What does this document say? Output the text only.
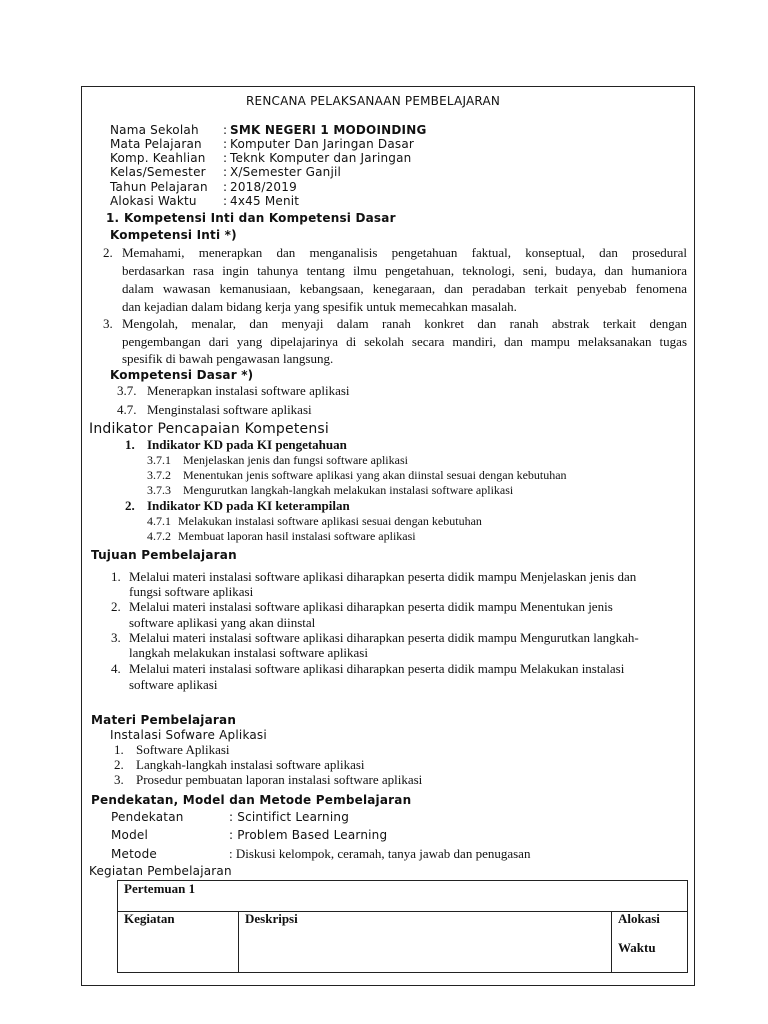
RENCANA PELAKSANAAN PEMBELAJARAN
Nama Sekolah : SMK NEGERI 1 MODOINDING
Mata Pelajaran : Komputer Dan Jaringan Dasar
Komp. Keahlian : Teknk Komputer dan Jaringan
Kelas/Semester : X/Semester Ganjil
Tahun Pelajaran : 2018/2019
Alokasi Waktu : 4x45 Menit
1. Kompetensi Inti dan Kompetensi Dasar
Kompetensi Inti *)
2. Memahami, menerapkan dan menganalisis pengetahuan faktual, konseptual, dan prosedural
berdasarkan rasa ingin tahunya tentang ilmu pengetahuan, teknologi, seni, budaya, dan humaniora
dalam wawasan kemanusiaan, kebangsaan, kenegaraan, dan peradaban terkait penyebab fenomena
dan kejadian dalam bidang kerja yang spesifik untuk memecahkan masalah.
3. Mengolah, menalar, dan menyaji dalam ranah konkret dan ranah abstrak terkait dengan
pengembangan dari yang dipelajarinya di sekolah secara mandiri, dan mampu melaksanakan tugas
spesifik di bawah pengawasan langsung.
Kompetensi Dasar *)
3.7. Menerapkan instalasi software aplikasi
4.7. Menginstalasi software aplikasi
Indikator Pencapaian Kompetensi
1. Indikator KD pada KI pengetahuan
3.7.1 Menjelaskan jenis dan fungsi software aplikasi
3.7.2 Menentukan jenis software aplikasi yang akan diinstal sesuai dengan kebutuhan
3.7.3 Mengurutkan langkah-langkah melakukan instalasi software aplikasi
2. Indikator KD pada KI keterampilan
4.7.1 Melakukan instalasi software aplikasi sesuai dengan kebutuhan
4.7.2 Membuat laporan hasil instalasi software aplikasi
Tujuan Pembelajaran
1. Melalui materi instalasi software aplikasi diharapkan peserta didik mampu Menjelaskan jenis dan
fungsi software aplikasi
2. Melalui materi instalasi software aplikasi diharapkan peserta didik mampu Menentukan jenis
software aplikasi yang akan diinstal
3. Melalui materi instalasi software aplikasi diharapkan peserta didik mampu Mengurutkan langkah-
langkah melakukan instalasi software aplikasi
4. Melalui materi instalasi software aplikasi diharapkan peserta didik mampu Melakukan instalasi
software aplikasi
Materi Pembelajaran
Instalasi Sofware Aplikasi
1. Software Aplikasi
2. Langkah-langkah instalasi software aplikasi
3. Prosedur pembuatan laporan instalasi software aplikasi
Pendekatan, Model dan Metode Pembelajaran
Pendekatan	: Scintifict Learning
Model	: Problem Based Learning
Metode	: Diskusi kelompok, ceramah, tanya jawab dan penugasan
Kegiatan Pembelajaran
Pertemuan 1
Kegiatan	Deskripsi	Alokasi
Waktu
